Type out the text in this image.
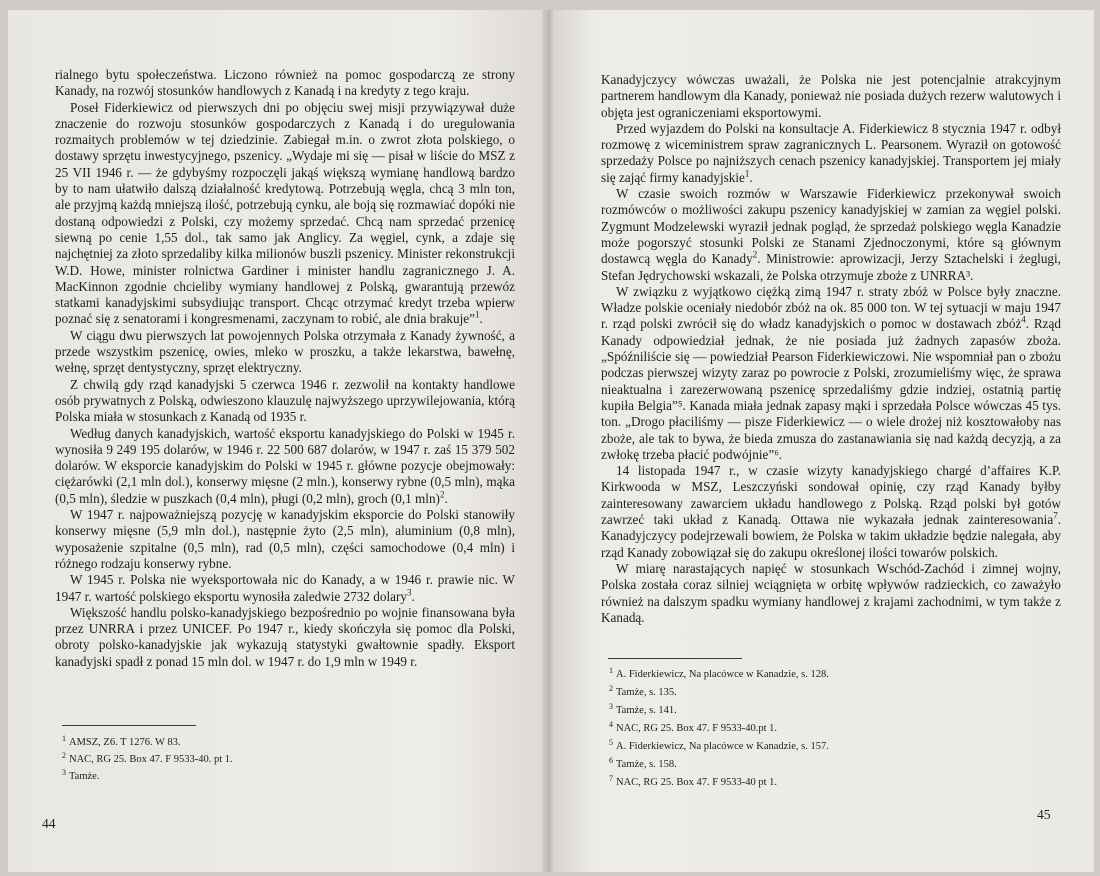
rialnego bytu społeczeństwa. Liczono również na pomoc gospodarczą ze strony Kanady, na rozwój stosunków handlowych z Kanadą i na kredyty z tego kraju.
Poseł Fiderkiewicz od pierwszych dni po objęciu swej misji przywiązywał duże znaczenie do rozwoju stosunków gospodarczych z Kanadą i do uregulowania rozmaitych problemów w tej dziedzinie. Zabiegał m.in. o zwrot złota polskiego, o dostawy sprzętu inwestycyjnego, pszenicy. „Wydaje mi się — pisał w liście do MSZ z 25 VII 1946 r. — że gdybyśmy rozpoczęli jakąś większą wymianę handlową bardzo by to nam ułatwiło dalszą działalność kredytową. Potrzebują węgla, chcą 3 mln ton, ale przyjmą każdą mniejszą ilość, potrzebują cynku, ale boją się rozmawiać dopóki nie dostaną odpowiedzi z Polski, czy możemy sprzedać. Chcą nam sprzedać przenicę siewną po cenie 1,55 dol., tak samo jak Anglicy. Za węgiel, cynk, a zdaje się najchętniej za złoto sprzedaliby kilka milionów buszli pszenicy. Minister rekonstrukcji W.D. Howe, minister rolnictwa Gardiner i minister handlu zagranicznego J. A. MacKinnon zgodnie chcieliby wymiany handlowej z Polską, gwarantują przewóz statkami kanadyjskimi subsydiując transport. Chcąc otrzymać kredyt trzeba wpierw poznać się z senatorami i kongresmenami, zaczynam to robić, ale dnia brakuje”$^1$.
W ciągu dwu pierwszych lat powojennych Polska otrzymała z Kanady żywność, a przede wszystkim pszenicę, owies, mleko w proszku, a także lekarstwa, bawełnę, wełnę, sprzęt dentystyczny, sprzęt elektryczny.
Z chwilą gdy rząd kanadyjski 5 czerwca 1946 r. zezwolił na kontakty handlowe osób prywatnych z Polską, odwieszono klauzulę najwyższego uprzywilejowania, którą Polska miała w stosunkach z Kanadą od 1935 r.
Według danych kanadyjskich, wartość eksportu kanadyjskiego do Polski w 1945 r. wynosiła 9 249 195 dolarów, w 1946 r. 22 500 687 dolarów, w 1947 r. zaś 15 379 502 dolarów. W eksporcie kanadyjskim do Polski w 1945 r. główne pozycje obejmowały: ciężarówki (2,1 mln dol.), konserwy mięsne (2 mln.), konserwy rybne (0,5 mln), mąka (0,5 mln), śledzie w puszkach (0,4 mln), pługi (0,2 mln), groch (0,1 mln)$^2$.
W 1947 r. najpoważniejszą pozycję w kanadyjskim eksporcie do Polski stanowiły konserwy mięsne (5,9 mln dol.), następnie żyto (2,5 mln), aluminium (0,8 mln), wyposażenie szpitalne (0,5 mln), rad (0,5 mln), części samochodowe (0,4 mln) i różnego rodzaju konserwy rybne.
W 1945 r. Polska nie wyeksportowała nic do Kanady, a w 1946 r. prawie nic. W 1947 r. wartość polskiego eksportu wynosiła zaledwie 2732 dolary$^3$.
Większość handlu polsko-kanadyjskiego bezpośrednio po wojnie finansowana była przez UNRRA i przez UNICEF. Po 1947 r., kiedy skończyła się pomoc dla Polski, obroty polsko-kanadyjskie jak wykazują statystyki gwałtownie spadły. Eksport kanadyjski spadł z ponad 15 mln dol. w 1947 r. do 1,9 mln w 1949 r.
$^1$ AMSZ, Z6. T 1276. W 83.
$^2$ NAC, RG 25. Box 47. F 9533-40. pt 1.
$^3$ Tamże.
44
Kanadyjczycy wówczas uważali, że Polska nie jest potencjalnie atrakcyjnym partnerem handlowym dla Kanady, ponieważ nie posiada dużych rezerw walutowych i objęta jest ograniczeniami eksportowymi.
Przed wyjazdem do Polski na konsultacje A. Fiderkiewicz 8 stycznia 1947 r. odbył rozmowę z wiceministrem spraw zagranicznych L. Pearsonem. Wyraził on gotowość sprzedaży Polsce po najniższych cenach pszenicy kanadyjskiej. Transportem jej miały się zająć firmy kanadyjskie$^1$.
W czasie swoich rozmów w Warszawie Fiderkiewicz przekonywał swoich rozmówców o możliwości zakupu pszenicy kanadyjskiej w zamian za węgiel polski. Zygmunt Modzelewski wyraził jednak pogląd, że sprzedaż polskiego węgla Kanadzie może pogorszyć stosunki Polski ze Stanami Zjednoczonymi, które są głównym dostawcą węgla do Kanady$^2$. Ministrowie: aprowizacji, Jerzy Sztachelski i żeglugi, Stefan Jędrychowski wskazali, że Polska otrzymuje zboże z UNRRA³.
W związku z wyjątkowo ciężką zimą 1947 r. straty zbóż w Polsce były znaczne. Władze polskie oceniały niedobór zbóż na ok. 85 000 ton. W tej sytuacji w maju 1947 r. rząd polski zwrócił się do władz kanadyjskich o pomoc w dostawach zbóż$^4$. Rząd Kanady odpowiedział jednak, że nie posiada już żadnych zapasów zboża. „Spóźniliście się — powiedział Pearson Fiderkiewiczowi. Nie wspomniał pan o zbożu podczas pierwszej wizyty zaraz po powrocie z Polski, zrozumieliśmy więc, że sprawa nieaktualna i zarezerwowaną pszenicę sprzedaliśmy gdzie indziej, ostatnią partię kupiła Belgia”⁵. Kanada miała jednak zapasy mąki i sprzedała Polsce wówczas 45 tys. ton. „Drogo płaciliśmy — pisze Fiderkiewicz — o wiele drożej niż kosztowałoby nas zboże, ale tak to bywa, że bieda zmusza do zastanawiania się nad każdą decyzją, a za zwłokę trzeba płacić podwójnie”⁶.
14 listopada 1947 r., w czasie wizyty kanadyjskiego chargé d’affaires K.P. Kirkwooda w MSZ, Leszczyński sondował opinię, czy rząd Kanady byłby zainteresowany zawarciem układu handlowego z Polską. Rząd polski był gotów zawrzeć taki układ z Kanadą. Ottawa nie wykazała jednak zainteresowania$^7$. Kanadyjczycy podejrzewali bowiem, że Polska w takim układzie będzie nalegała, aby rząd Kanady zobowiązał się do zakupu określonej ilości towarów polskich.
W miarę narastających napięć w stosunkach Wschód-Zachód i zimnej wojny, Polska została coraz silniej wciągnięta w orbitę wpływów radzieckich, co zaważyło również na dalszym spadku wymiany handlowej z krajami zachodnimi, w tym także z Kanadą.
$^1$ A. Fiderkiewicz, Na placówce w Kanadzie, s. 128.
$^2$ Tamże, s. 135.
$^3$ Tamże, s. 141.
$^4$ NAC, RG 25. Box 47. F 9533-40.pt 1.
$^5$ A. Fiderkiewicz, Na placówce w Kanadzie, s. 157.
$^6$ Tamże, s. 158.
$^7$ NAC, RG 25. Box 47. F 9533-40 pt 1.
45
